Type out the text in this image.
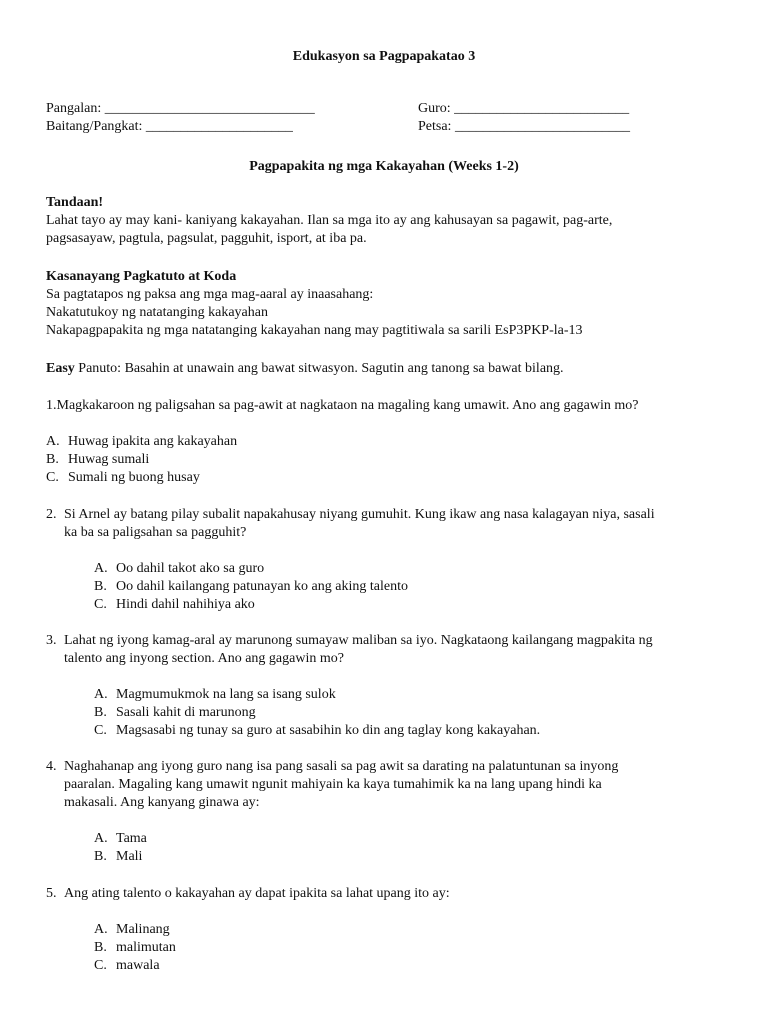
Edukasyon sa Pagpapakatao 3
Pangalan: ______________________________
Baitang/Pangkat: _____________________
Guro: _________________________
Petsa: _________________________
Pagpapakita ng mga Kakayahan (Weeks 1-2)
Tandaan!
Lahat tayo ay may kani- kaniyang kakayahan. Ilan sa mga ito ay ang kahusayan sa pagawit, pag-arte,
pagsasayaw, pagtula, pagsulat, pagguhit, isport, at iba pa.
Kasanayang Pagkatuto at Koda
Sa pagtatapos ng paksa ang mga mag-aaral ay inaasahang:
Nakatutukoy ng natatanging kakayahan
Nakapagpapakita ng mga natatanging kakayahan nang may pagtitiwala sa sarili EsP3PKP-la-13
Easy Panuto: Basahin at unawain ang bawat sitwasyon. Sagutin ang tanong sa bawat bilang.
1.Magkakaroon ng paligsahan sa pag-awit at nagkataon na magaling kang umawit. Ano ang gagawin mo?
A. Huwag ipakita ang kakayahan
B. Huwag sumali
C. Sumali ng buong husay
2. Si Arnel ay batang pilay subalit napakahusay niyang gumuhit. Kung ikaw ang nasa kalagayan niya, sasali
ka ba sa paligsahan sa pagguhit?
A. Oo dahil takot ako sa guro
B. Oo dahil kailangang patunayan ko ang aking talento
C. Hindi dahil nahihiya ako
3. Lahat ng iyong kamag-aral ay marunong sumayaw maliban sa iyo. Nagkataong kailangang magpakita ng
talento ang inyong section. Ano ang gagawin mo?
A. Magmumukmok na lang sa isang sulok
B. Sasali kahit di marunong
C. Magsasabi ng tunay sa guro at sasabihin ko din ang taglay kong kakayahan.
4. Naghahanap ang iyong guro nang isa pang sasali sa pag awit sa darating na palatuntunan sa inyong
paaralan. Magaling kang umawit ngunit mahiyain ka kaya tumahimik ka na lang upang hindi ka
makasali. Ang kanyang ginawa ay:
A. Tama
B. Mali
5. Ang ating talento o kakayahan ay dapat ipakita sa lahat upang ito ay:
A. Malinang
B. malimutan
C. mawala
